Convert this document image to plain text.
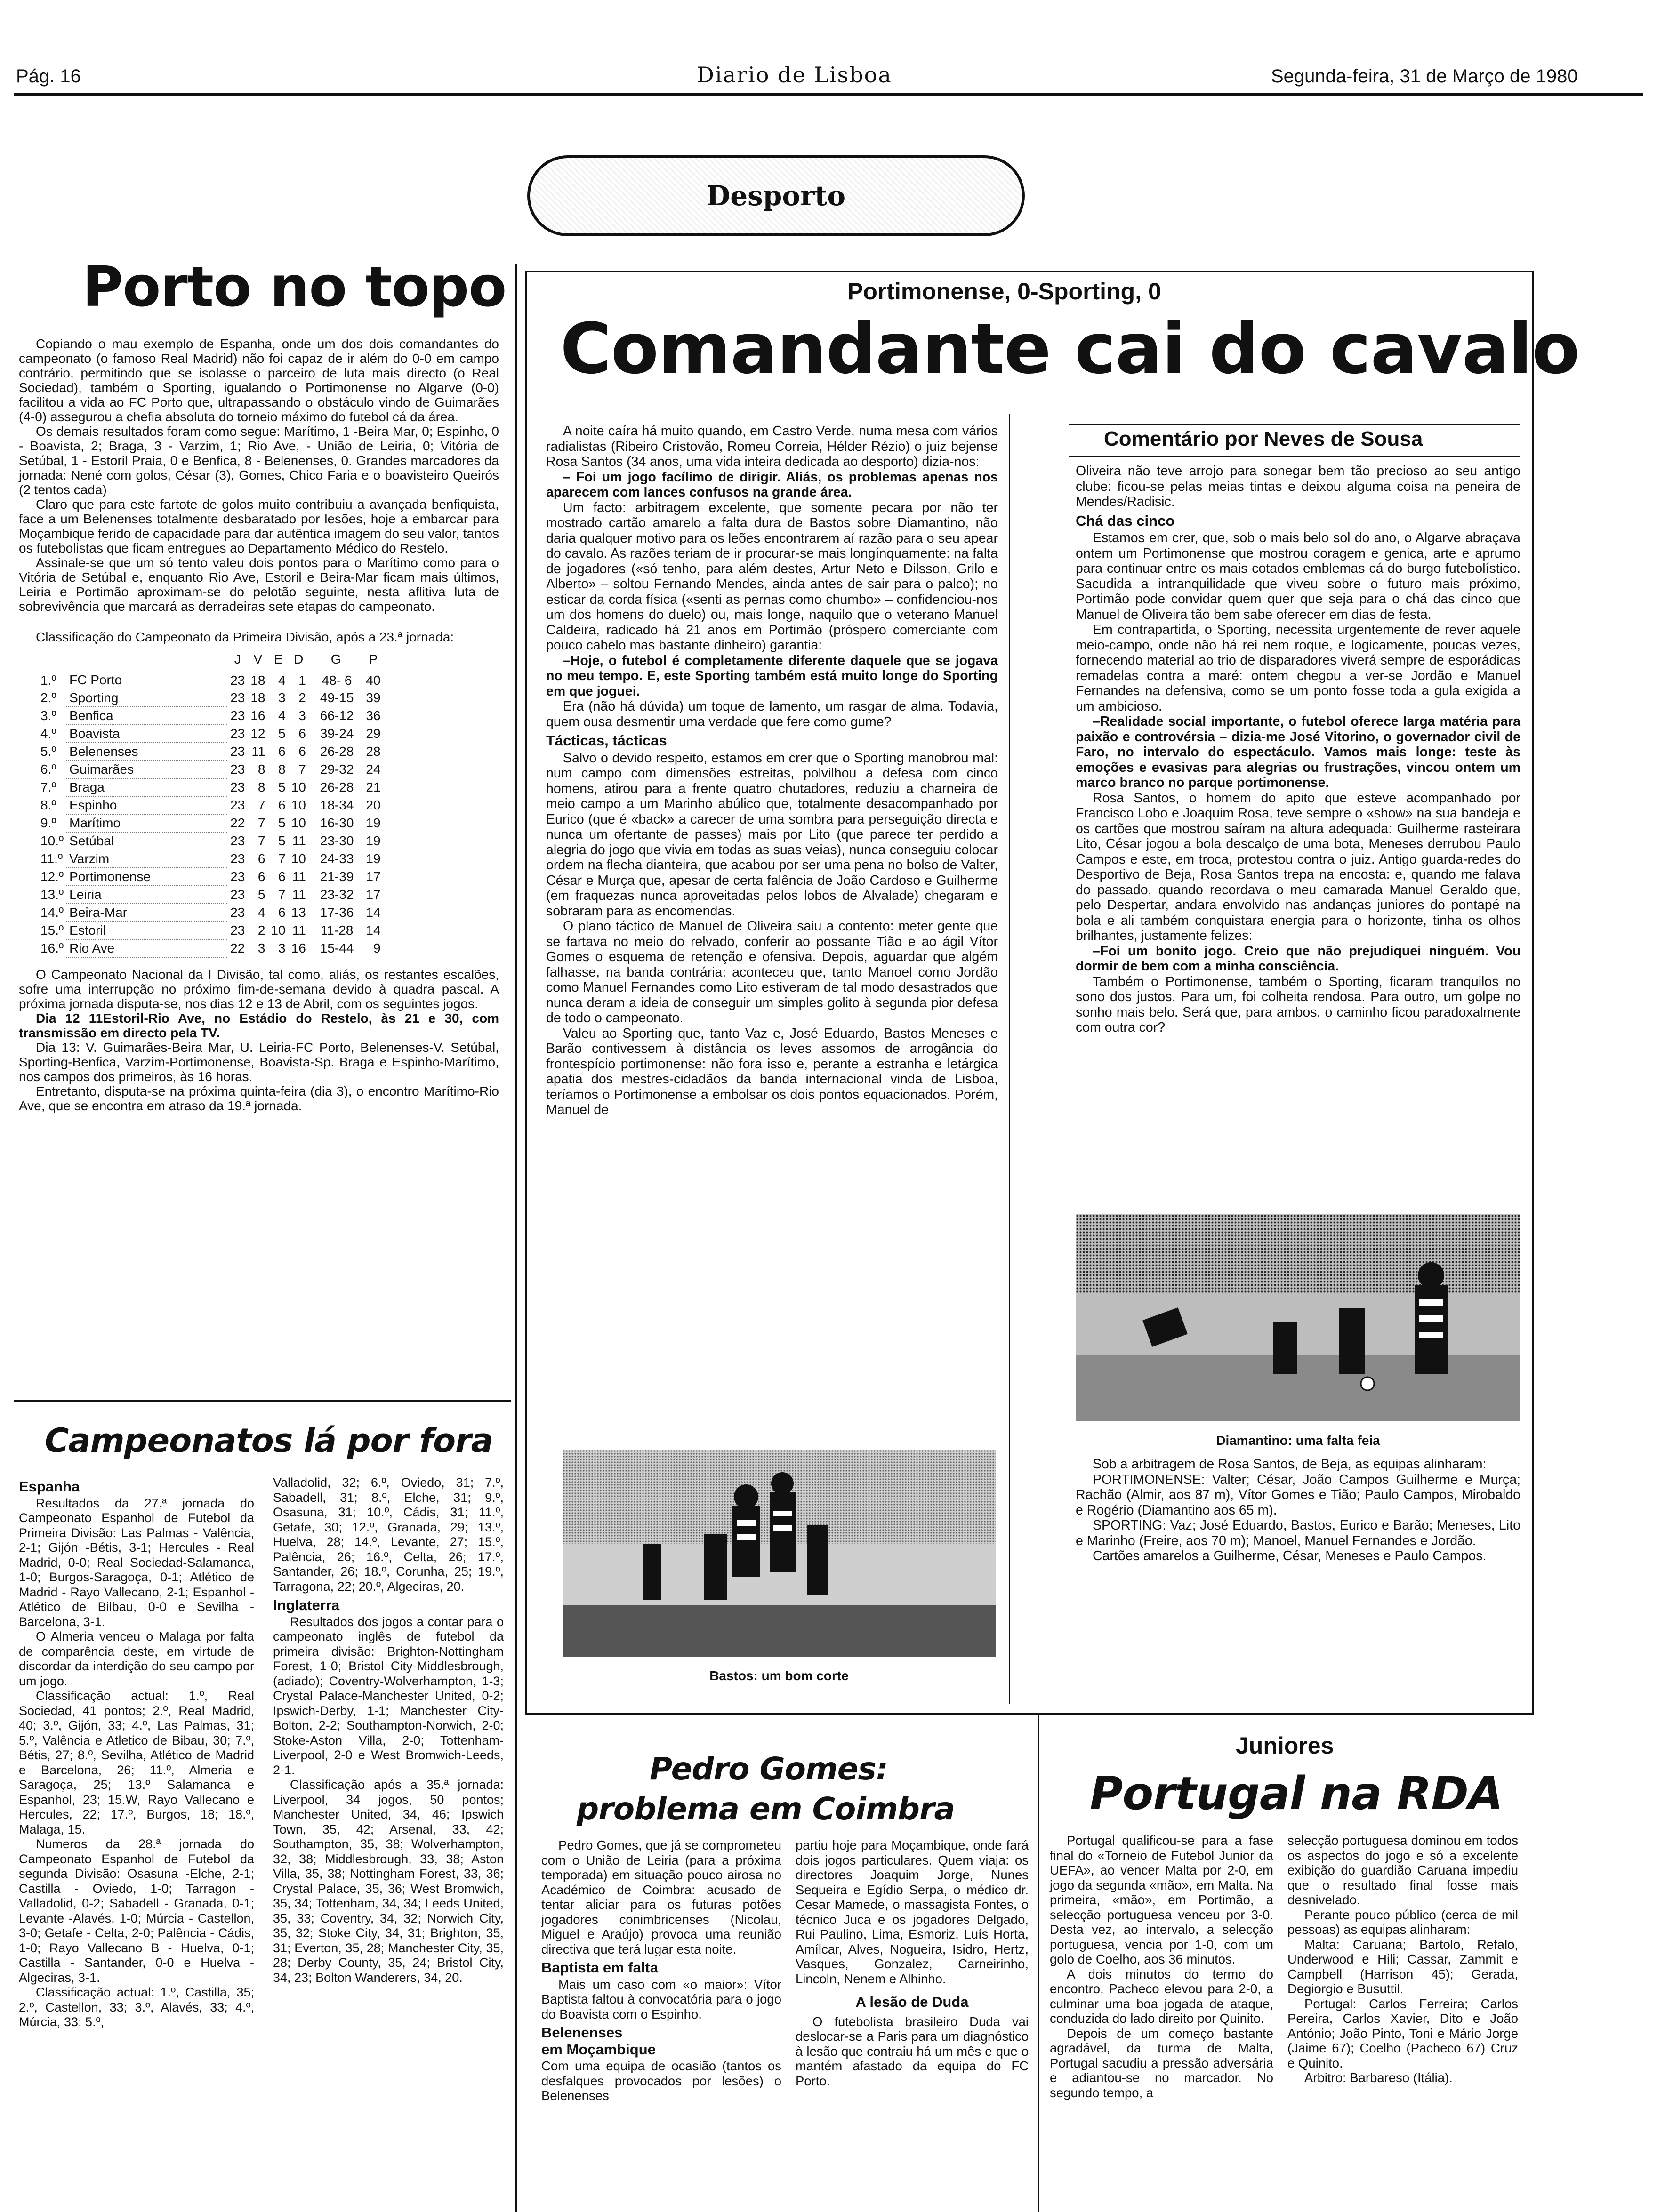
Pág. 16	Diario de Lisboa	Segunda-feira, 31 de Março de 1980
Desporto
Porto no topo

Copiando o mau exemplo de Espanha, onde um dos dois comandantes do campeonato (o famoso Real Madrid) não foi capaz de ir além do 0-0 em campo contrário, permitindo que se isolasse o parceiro de luta mais directo (o Real Sociedad), também o Sporting, igualando o Portimonense no Algarve (0-0) facilitou a vida ao FC Porto que, ultrapassando o obstáculo vindo de Guimarães (4-0) assegurou a chefia absoluta do torneio máximo do futebol cá da área.

Os demais resultados foram como segue: Marítimo, 1 -Beira Mar, 0; Espinho, 0 - Boavista, 2; Braga, 3 - Varzim, 1; Rio Ave, - União de Leiria, 0; Vitória de Setúbal, 1 - Estoril Praia, 0 e Benfica, 8 - Belenenses, 0. Grandes marcadores da jornada: Nené com golos, César (3), Gomes, Chico Faria e o boavisteiro Queirós (2 tentos cada)

Claro que para este fartote de golos muito contribuiu a avançada benfiquista, face a um Belenenses totalmente desbaratado por lesões, hoje a embarcar para Moçambique ferido de capacidade para dar autêntica imagem do seu valor, tantos os futebolistas que ficam entregues ao Departamento Médico do Restelo.

Assinale-se que um só tento valeu dois pontos para o Marítimo como para o Vitória de Setúbal e, enquanto Rio Ave, Estoril e Beira-Mar ficam mais últimos, Leiria e Portimão aproximam-se do pelotão seguinte, nesta aflitiva luta de sobrevivência que marcará as derradeiras sete etapas do campeonato.

Classificação do Campeonato da Primeira Divisão, após a 23.ª jornada:

		J	V	E	D	G	P
1.º	FC Porto	23	18	4	1	48- 6	40
2.º	Sporting	23	18	3	2	49-15	39
3.º	Benfica	23	16	4	3	66-12	36
4.º	Boavista	23	12	5	6	39-24	29
5.º	Belenenses	23	11	6	6	26-28	28
6.º	Guimarães	23	8	8	7	29-32	24
7.º	Braga	23	8	5	10	26-28	21
8.º	Espinho	23	7	6	10	18-34	20
9.º	Marítimo	22	7	5	10	16-30	19
10.º	Setúbal	23	7	5	11	23-30	19
11.º	Varzim	23	6	7	10	24-33	19
12.º	Portimonense	23	6	6	11	21-39	17
13.º	Leiria	23	5	7	11	23-32	17
14.º	Beira-Mar	23	4	6	13	17-36	14
15.º	Estoril	23	2	10	11	11-28	14
16.º	Rio Ave	22	3	3	16	15-44	9

O Campeonato Nacional da I Divisão, tal como, aliás, os restantes escalões, sofre uma interrupção no próximo fim-de-semana devido à quadra pascal. A próxima jornada disputa-se, nos dias 12 e 13 de Abril, com os seguintes jogos.

Dia 12 11Estoril-Rio Ave, no Estádio do Restelo, às 21 e 30, com transmissão em directo pela TV.

Dia 13: V. Guimarães-Beira Mar, U. Leiria-FC Porto, Belenenses-V. Setúbal, Sporting-Benfica, Varzim-Portimonense, Boavista-Sp. Braga e Espinho-Marítimo, nos campos dos primeiros, às 16 horas.

Entretanto, disputa-se na próxima quinta-feira (dia 3), o encontro Marítimo-Rio Ave, que se encontra em atraso da 19.ª jornada.

Campeonatos lá por fora
Espanha

Resultados da 27.ª jornada do Campeonato Espanhol de Futebol da Primeira Divisão: Las Palmas - Valência, 2-1; Gijón -Bétis, 3-1; Hercules - Real Madrid, 0-0; Real Sociedad-Salamanca, 1-0; Burgos-Saragoça, 0-1; Atlético de Madrid - Rayo Vallecano, 2-1; Espanhol - Atlético de Bilbau, 0-0 e Sevilha -Barcelona, 3-1.

O Almeria venceu o Malaga por falta de comparência deste, em virtude de discordar da interdição do seu campo por um jogo.

Classificação actual: 1.º, Real Sociedad, 41 pontos; 2.º, Real Madrid, 40; 3.º, Gijón, 33; 4.º, Las Palmas, 31; 5.º, Valência e Atletico de Bibau, 30; 7.º, Bétis, 27; 8.º, Sevilha, Atlético de Madrid e Barcelona, 26; 11.º, Almeria e Saragoça, 25; 13.º Salamanca e Espanhol, 23; 15.W, Rayo Vallecano e Hercules, 22; 17.º, Burgos, 18; 18.º, Malaga, 15.

Numeros da 28.ª jornada do Campeonato Espanhol de Futebol da segunda Divisão: Osasuna -Elche, 2-1; Castilla - Oviedo, 1-0; Tarragon - Valladolid, 0-2; Sabadell - Granada, 0-1; Levante -Alavés, 1-0; Múrcia - Castellon, 3-0; Getafe - Celta, 2-0; Palência - Cádis, 1-0; Rayo Vallecano B - Huelva, 0-1; Castilla - Santander, 0-0 e Huelva - Algeciras, 3-1.

Classificação actual: 1.º, Castilla, 35; 2.º, Castellon, 33; 3.º, Alavés, 33; 4.º, Múrcia, 33; 5.º,

Valladolid, 32; 6.º, Oviedo, 31; 7.º, Sabadell, 31; 8.º, Elche, 31; 9.º, Osasuna, 31; 10.º, Cádis, 31; 11.º, Getafe, 30; 12.º, Granada, 29; 13.º, Huelva, 28; 14.º, Levante, 27; 15.º, Palência, 26; 16.º, Celta, 26; 17.º, Santander, 26; 18.º, Corunha, 25; 19.º, Tarragona, 22; 20.º, Algeciras, 20.

Inglaterra

Resultados dos jogos a contar para o campeonato inglês de futebol da primeira divisão: Brighton-Nottingham Forest, 1-0; Bristol City-Middlesbrough, (adiado); Coventry-Wolverhampton, 1-3; Crystal Palace-Manchester United, 0-2; Ipswich-Derby, 1-1; Manchester City-Bolton, 2-2; Southampton-Norwich, 2-0; Stoke-Aston Villa, 2-0; Tottenham-Liverpool, 2-0 e West Bromwich-Leeds, 2-1.

Classificação após a 35.ª jornada: Liverpool, 34 jogos, 50 pontos; Manchester United, 34, 46; Ipswich Town, 35, 42; Arsenal, 33, 42; Southampton, 35, 38; Wolverhampton, 32, 38; Middlesbrough, 33, 38; Aston Villa, 35, 38; Nottingham Forest, 33, 36; Crystal Palace, 35, 36; West Bromwich, 35, 34; Tottenham, 34, 34; Leeds United, 35, 33; Coventry, 34, 32; Norwich City, 35, 32; Stoke City, 34, 31; Brighton, 35, 31; Everton, 35, 28; Manchester City, 35, 28; Derby County, 35, 24; Bristol City, 34, 23; Bolton Wanderers, 34, 20.

Portimonense, 0-Sporting, 0
Comandante cai do cavalo

A noite caíra há muito quando, em Castro Verde, numa mesa com vários radialistas (Ribeiro Cristovão, Romeu Correia, Hélder Rézio) o juiz bejense Rosa Santos (34 anos, uma vida inteira dedicada ao desporto) dizia-nos:

– Foi um jogo facílimo de dirigir. Aliás, os problemas apenas nos aparecem com lances confusos na grande área.

Um facto: arbitragem excelente, que somente pecara por não ter mostrado cartão amarelo a falta dura de Bastos sobre Diamantino, não daria qualquer motivo para os leões encontrarem aí razão para o seu apear do cavalo. As razões teriam de ir procurar-se mais longínquamente: na falta de jogadores («só tenho, para além destes, Artur Neto e Dilsson, Grilo e Alberto» – soltou Fernando Mendes, ainda antes de sair para o palco); no esticar da corda física («senti as pernas como chumbo» – confidenciou-nos um dos homens do duelo) ou, mais longe, naquilo que o veterano Manuel Caldeira, radicado há 21 anos em Portimão (próspero comerciante com pouco cabelo mas bastante dinheiro) garantia:

–Hoje, o futebol é completamente diferente daquele que se jogava no meu tempo. E, este Sporting também está muito longe do Sporting em que joguei.

Era (não há dúvida) um toque de lamento, um rasgar de alma. Todavia, quem ousa desmentir uma verdade que fere como gume?

Tácticas, tácticas

Salvo o devido respeito, estamos em crer que o Sporting manobrou mal: num campo com dimensões estreitas, polvilhou a defesa com cinco homens, atirou para a frente quatro chutadores, reduziu a charneira de meio campo a um Marinho abúlico que, totalmente desacompanhado por Eurico (que é «back» a carecer de uma sombra para perseguição directa e nunca um ofertante de passes) mais por Lito (que parece ter perdido a alegria do jogo que vivia em todas as suas veias), nunca conseguiu colocar ordem na flecha dianteira, que acabou por ser uma pena no bolso de Valter, César e Murça que, apesar de certa falência de João Cardoso e Guilherme (em fraquezas nunca aproveitadas pelos lobos de Alvalade) chegaram e sobraram para as encomendas.

O plano táctico de Manuel de Oliveira saiu a contento: meter gente que se fartava no meio do relvado, conferir ao possante Tião e ao ágil Vítor Gomes o esquema de retenção e ofensiva. Depois, aguardar que algém falhasse, na banda contrária: aconteceu que, tanto Manoel como Jordão como Manuel Fernandes como Lito estiveram de tal modo desastrados que nunca deram a ideia de conseguir um simples golito à segunda pior defesa de todo o campeonato.

Valeu ao Sporting que, tanto Vaz e, José Eduardo, Bastos Meneses e Barão contivessem à distância os leves assomos de arrogância do frontespício portimonense: não fora isso e, perante a estranha e letárgica apatia dos mestres-cidadãos da banda internacional vinda de Lisboa, teríamos o Portimonense a embolsar os dois pontos equacionados. Porém, Manuel de

Bastos: um bom corte
Comentário por Neves de Sousa

Oliveira não teve arrojo para sonegar bem tão precioso ao seu antigo clube: ficou-se pelas meias tintas e deixou alguma coisa na peneira de Mendes/Radisic.

Chá das cinco

Estamos em crer, que, sob o mais belo sol do ano, o Algarve abraçava ontem um Portimonense que mostrou coragem e genica, arte e aprumo para continuar entre os mais cotados emblemas cá do burgo futebolístico. Sacudida a intranquilidade que viveu sobre o futuro mais próximo, Portimão pode convidar quem quer que seja para o chá das cinco que Manuel de Oliveira tão bem sabe oferecer em dias de festa.

Em contrapartida, o Sporting, necessita urgentemente de rever aquele meio-campo, onde não há rei nem roque, e logicamente, poucas vezes, fornecendo material ao trio de disparadores viverá sempre de esporádicas remadelas contra a maré: ontem chegou a ver-se Jordão e Manuel Fernandes na defensiva, como se um ponto fosse toda a gula exigida a um ambicioso.

–Realidade social importante, o futebol oferece larga matéria para paixão e controvérsia – dizia-me José Vitorino, o governador civil de Faro, no intervalo do espectáculo. Vamos mais longe: teste às emoções e evasivas para alegrias ou frustrações, vincou ontem um marco branco no parque portimonense.

Rosa Santos, o homem do apito que esteve acompanhado por Francisco Lobo e Joaquim Rosa, teve sempre o «show» na sua bandeja e os cartões que mostrou saíram na altura adequada: Guilherme rasteirara Lito, César jogou a bola descalço de uma bota, Meneses derrubou Paulo Campos e este, em troca, protestou contra o juiz. Antigo guarda-redes do Desportivo de Beja, Rosa Santos trepa na encosta: e, quando me falava do passado, quando recordava o meu camarada Manuel Geraldo que, pelo Despertar, andara envolvido nas andanças juniores do pontapé na bola e ali também conquistara energia para o horizonte, tinha os olhos brilhantes, justamente felizes:

–Foi um bonito jogo. Creio que não prejudiquei ninguém. Vou dormir de bem com a minha consciência.

Também o Portimonense, também o Sporting, ficaram tranquilos no sono dos justos. Para um, foi colheita rendosa. Para outro, um golpe no sonho mais belo. Será que, para ambos, o caminho ficou paradoxalmente com outra cor?

Diamantino: uma falta feia

Sob a arbitragem de Rosa Santos, de Beja, as equipas alinharam:

PORTIMONENSE: Valter; César, João Campos Guilherme e Murça; Rachão (Almir, aos 87 m), Vítor Gomes e Tião; Paulo Campos, Mirobaldo e Rogério (Diamantino aos 65 m).

SPORTING: Vaz; José Eduardo, Bastos, Eurico e Barão; Meneses, Lito e Marinho (Freire, aos 70 m); Manoel, Manuel Fernandes e Jordão.

Cartões amarelos a Guilherme, César, Meneses e Paulo Campos.

Pedro Gomes:
problema em Coimbra

Pedro Gomes, que já se comprometeu com o União de Leiria (para a próxima temporada) em situação pouco airosa no Académico de Coimbra: acusado de tentar aliciar para os futuras potões jogadores conimbricenses (Nicolau, Miguel e Araújo) provoca uma reunião directiva que terá lugar esta noite.

Baptista em falta

Mais um caso com «o maior»: Vítor Baptista faltou à convocatória para o jogo do Boavista com o Espinho.

Belenenses
em Moçambique

Com uma equipa de ocasião (tantos os desfalques provocados por lesões) o Belenenses

partiu hoje para Moçambique, onde fará dois jogos particulares. Quem viaja: os directores Joaquim Jorge, Nunes Sequeira e Egídio Serpa, o médico dr. Cesar Mamede, o massagista Fontes, o técnico Juca e os jogadores Delgado, Rui Paulino, Lima, Esmoriz, Luís Horta, Amílcar, Alves, Nogueira, Isidro, Hertz, Vasques, Gonzalez, Carneirinho, Lincoln, Nenem e Alhinho.

A lesão de Duda

O futebolista brasileiro Duda vai deslocar-se a Paris para um diagnóstico à lesão que contraiu há um mês e que o mantém afastado da equipa do FC Porto.

Juniores
Portugal na RDA

Portugal qualificou-se para a fase final do «Torneio de Futebol Junior da UEFA», ao vencer Malta por 2-0, em jogo da segunda «mão», em Malta. Na primeira, «mão», em Portimão, a selecção portuguesa venceu por 3-0. Desta vez, ao intervalo, a selecção portuguesa, vencia por 1-0, com um golo de Coelho, aos 36 minutos.

A dois minutos do termo do encontro, Pacheco elevou para 2-0, a culminar uma boa jogada de ataque, conduzida do lado direito por Quinito.

Depois de um começo bastante agradável, da turma de Malta, Portugal sacudiu a pressão adversária e adiantou-se no marcador. No segundo tempo, a

selecção portuguesa dominou em todos os aspectos do jogo e só a excelente exibição do guardião Caruana impediu que o resultado final fosse mais desnivelado.

Perante pouco público (cerca de mil pessoas) as equipas alinharam:

Malta: Caruana; Bartolo, Refalo, Underwood e Hili; Cassar, Zammit e Campbell (Harrison 45); Gerada, Degiorgio e Busuttil.

Portugal: Carlos Ferreira; Carlos Pereira, Carlos Xavier, Dito e João António; João Pinto, Toni e Mário Jorge (Jaime 67); Coelho (Pacheco 67) Cruz e Quinito.

Arbitro: Barbareso (Itália).
